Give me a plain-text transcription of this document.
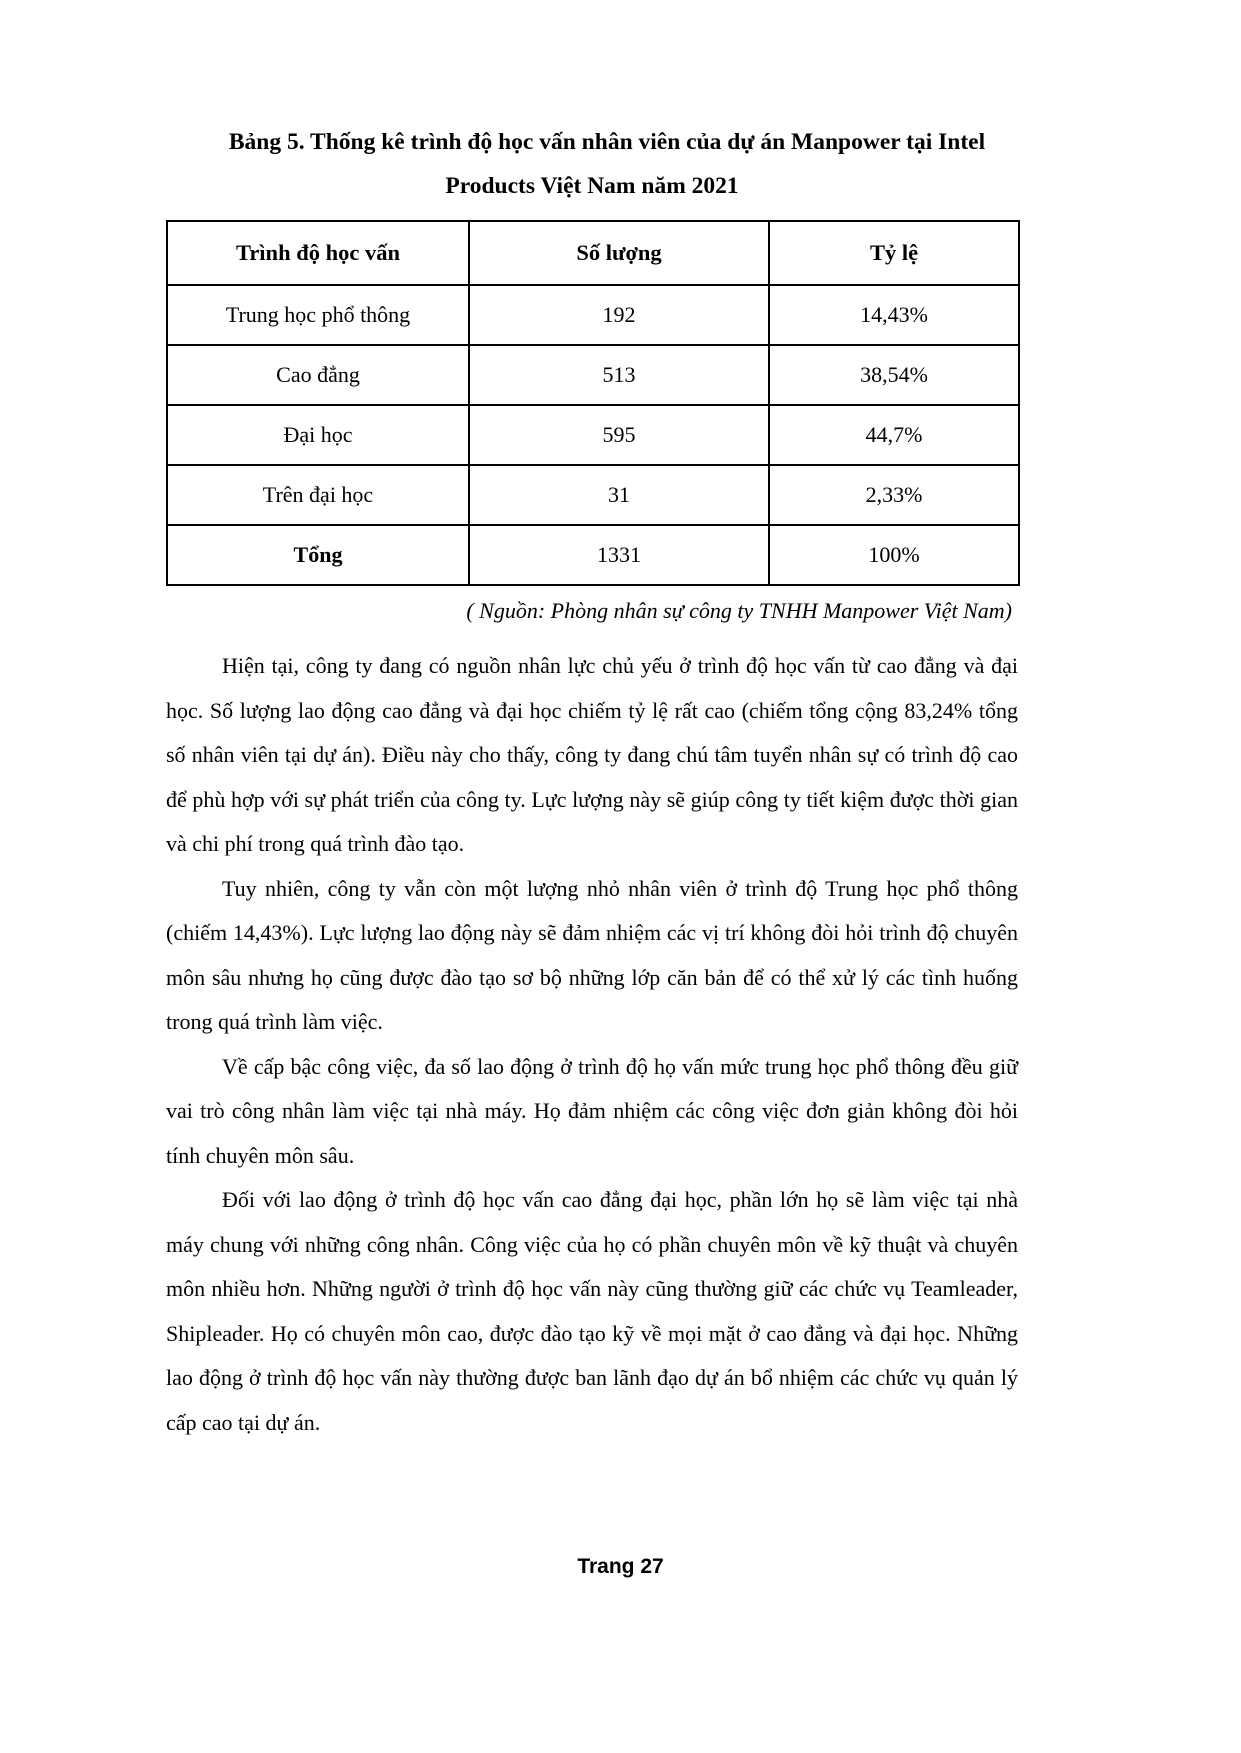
Bảng 5. Thống kê trình độ học vấn nhân viên của dự án Manpower tại Intel
Products Việt Nam năm 2021
Trình độ học vấn	Số lượng	Tỷ lệ
Trung học phổ thông	192	14,43%
Cao đẳng	513	38,54%
Đại học	595	44,7%
Trên đại học	31	2,33%
Tổng	1331	100%
( Nguồn: Phòng nhân sự công ty TNHH Manpower Việt Nam)

Hiện tại, công ty đang có nguồn nhân lực chủ yếu ở trình độ học vấn từ cao đẳng và đại học. Số lượng lao động cao đẳng và đại học chiếm tỷ lệ rất cao (chiếm tổng cộng 83,24% tổng số nhân viên tại dự án). Điều này cho thấy, công ty đang chú tâm tuyển nhân sự có trình độ cao để phù hợp với sự phát triển của công ty. Lực lượng này sẽ giúp công ty tiết kiệm được thời gian và chi phí trong quá trình đào tạo.

Tuy nhiên, công ty vẫn còn một lượng nhỏ nhân viên ở trình độ Trung học phổ thông (chiếm 14,43%). Lực lượng lao động này sẽ đảm nhiệm các vị trí không đòi hỏi trình độ chuyên môn sâu nhưng họ cũng được đào tạo sơ bộ những lớp căn bản để có thể xử lý các tình huống trong quá trình làm việc.

Về cấp bậc công việc, đa số lao động ở trình độ họ vấn mức trung học phổ thông đều giữ vai trò công nhân làm việc tại nhà máy. Họ đảm nhiệm các công việc đơn giản không đòi hỏi tính chuyên môn sâu.

Đối với lao động ở trình độ học vấn cao đẳng đại học, phần lớn họ sẽ làm việc tại nhà máy chung với những công nhân. Công việc của họ có phần chuyên môn về kỹ thuật và chuyên môn nhiều hơn. Những người ở trình độ học vấn này cũng thường giữ các chức vụ Teamleader, Shipleader. Họ có chuyên môn cao, được đào tạo kỹ về mọi mặt ở cao đẳng và đại học. Những lao động ở trình độ học vấn này thường được ban lãnh đạo dự án bổ nhiệm các chức vụ quản lý cấp cao tại dự án.

Trang 27
